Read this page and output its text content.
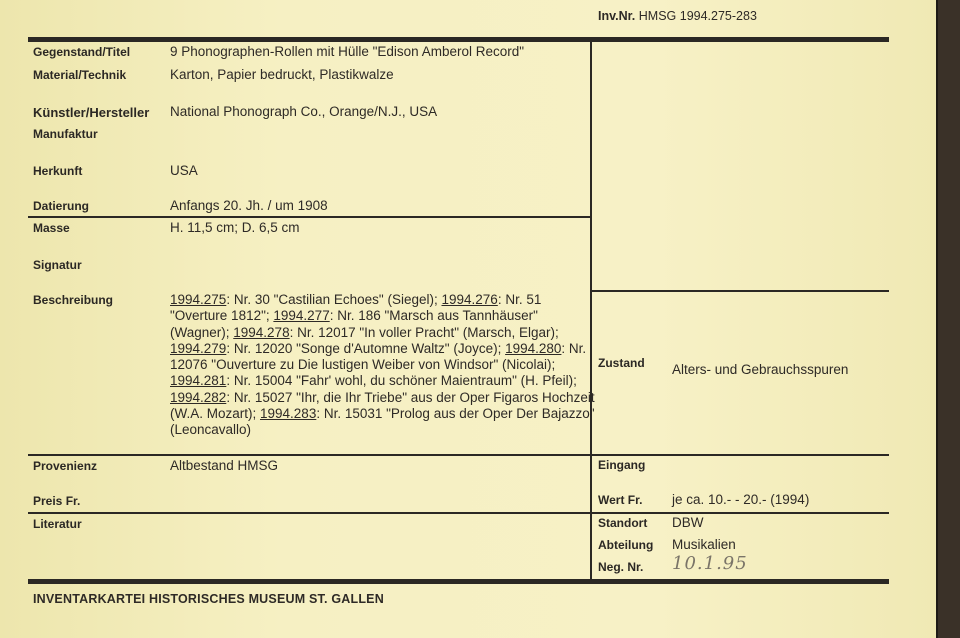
Inv.Nr. HMSG 1994.275-283
Gegenstand/Titel	9 Phonographen-Rollen mit Hülle "Edison Amberol Record"
Material/Technik	Karton, Papier bedruckt, Plastikwalze
Künstler/Hersteller National Phonograph Co., Orange/N.J., USA
Manufaktur
Herkunft	USA
Datierung	Anfangs 20. Jh. / um 1908
Masse	H. 11,5 cm; D. 6,5 cm
Signatur
Beschreibung	1994.275: Nr. 30 "Castilian Echoes" (Siegel); 1994.276: Nr. 51 "Overture 1812"; 1994.277: Nr. 186 "Marsch aus Tannhäuser" (Wagner); 1994.278: Nr. 12017 "In voller Pracht" (Marsch, Elgar); 1994.279: Nr. 12020 "Songe d'Automne Waltz" (Joyce); 1994.280: Nr. 12076 "Ouverture zu Die lustigen Weiber von Windsor" (Nicolai); 1994.281: Nr. 15004 "Fahr' wohl, du schöner Maientraum" (H. Pfeil); 1994.282: Nr. 15027 "Ihr, die Ihr Triebe" aus der Oper Figaros Hochzeit (W.A. Mozart); 1994.283: Nr. 15031 "Prolog aus der Oper Der Bajazzo" (Leoncavallo)
Provenienz	Altbestand HMSG
Preis Fr.
Literatur
Zustand Alters- und Gebrauchsspuren
Eingang
Wert Fr. je ca. 10.- - 20.- (1994)
Standort DBW
Abteilung Musikalien
Neg. Nr. 10.1.95
INVENTARKARTEI HISTORISCHES MUSEUM ST. GALLEN
